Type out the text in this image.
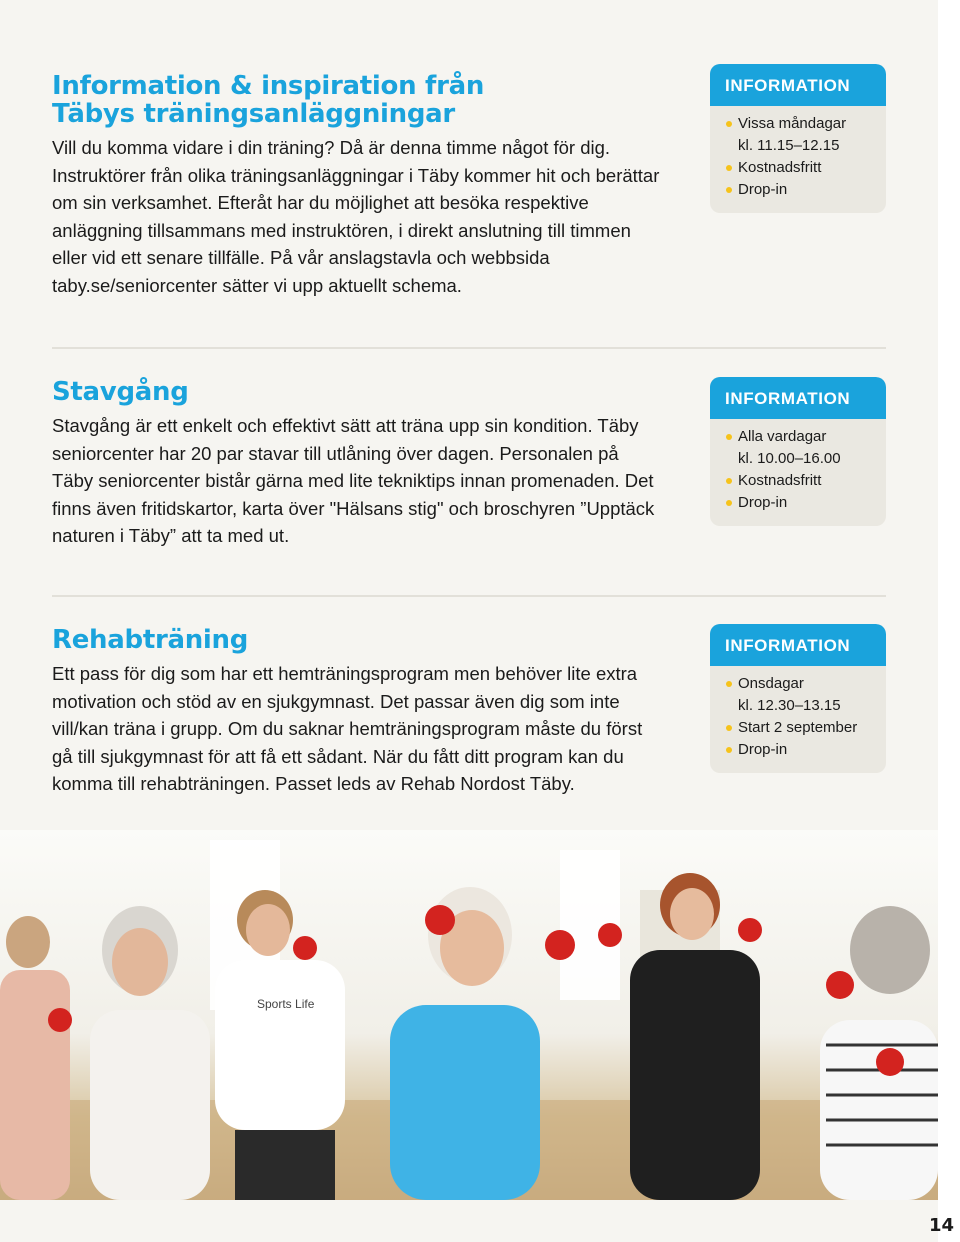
Information & inspiration från Täbys träningsanläggningar

Vill du komma vidare i din träning? Då är denna timme något för dig. Instruktörer från olika träningsanläggningar i Täby kommer hit och berättar om sin verksamhet. Efteråt har du möjlighet att besöka respektive anläggning tillsammans med instruktören, i direkt anslutning till timmen eller vid ett senare tillfälle. På vår anslagstavla och webbsida taby.se/seniorcenter sätter vi upp aktuellt schema.

INFORMATION
Vissa måndagar
kl. 11.15–12.15
Kostnadsfritt
Drop-in
Stavgång

Stavgång är ett enkelt och effektivt sätt att träna upp sin kondition. Täby seniorcenter har 20 par stavar till utlåning över dagen. Personalen på Täby seniorcenter bistår gärna med lite tekniktips innan promenaden. Det finns även fritidskartor, karta över "Hälsans stig" och broschyren ”Upptäck naturen i Täby” att ta med ut.

INFORMATION
Alla vardagar
kl. 10.00–16.00
Kostnadsfritt
Drop-in
Rehabträning

Ett pass för dig som har ett hemträningsprogram men behöver lite extra motivation och stöd av en sjukgymnast. Det passar även dig som inte vill/kan träna i grupp. Om du saknar hemträningsprogram måste du först gå till sjukgymnast för att få ett sådant. När du fått ditt program kan du komma till rehabträningen. Passet leds av Rehab Nordost Täby.

INFORMATION
Onsdagar
kl. 12.30–13.15
Start 2 september
Drop-in
Sports Life
14
